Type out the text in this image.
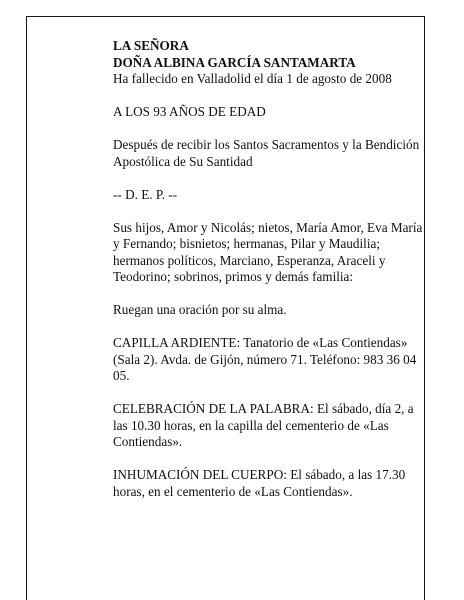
LA SEÑORA
DOÑA ALBINA GARCÍA SANTAMARTA
Ha fallecido en Valladolid el día 1 de agosto de 2008

A LOS 93 AÑOS DE EDAD

Después de recibir los Santos Sacramentos y la Bendición Apostólica de Su Santidad

-- D. E. P. --

Sus hijos, Amor y Nicolás; nietos, María Amor, Eva María y Fernando; bisnietos; hermanas, Pilar y Maudilia; hermanos políticos, Marciano, Esperanza, Araceli y Teodorino; sobrinos, primos y demás familia:

Ruegan una oración por su alma.

CAPILLA ARDIENTE: Tanatorio de «Las Contiendas» (Sala 2). Avda. de Gijón, número 71. Teléfono: 983 36 04 05.

CELEBRACIÓN DE LA PALABRA: El sábado, día 2, a las 10.30 horas, en la capilla del cementerio de «Las Contiendas».

INHUMACIÓN DEL CUERPO: El sábado, a las 17.30 horas, en el cementerio de «Las Contiendas».
